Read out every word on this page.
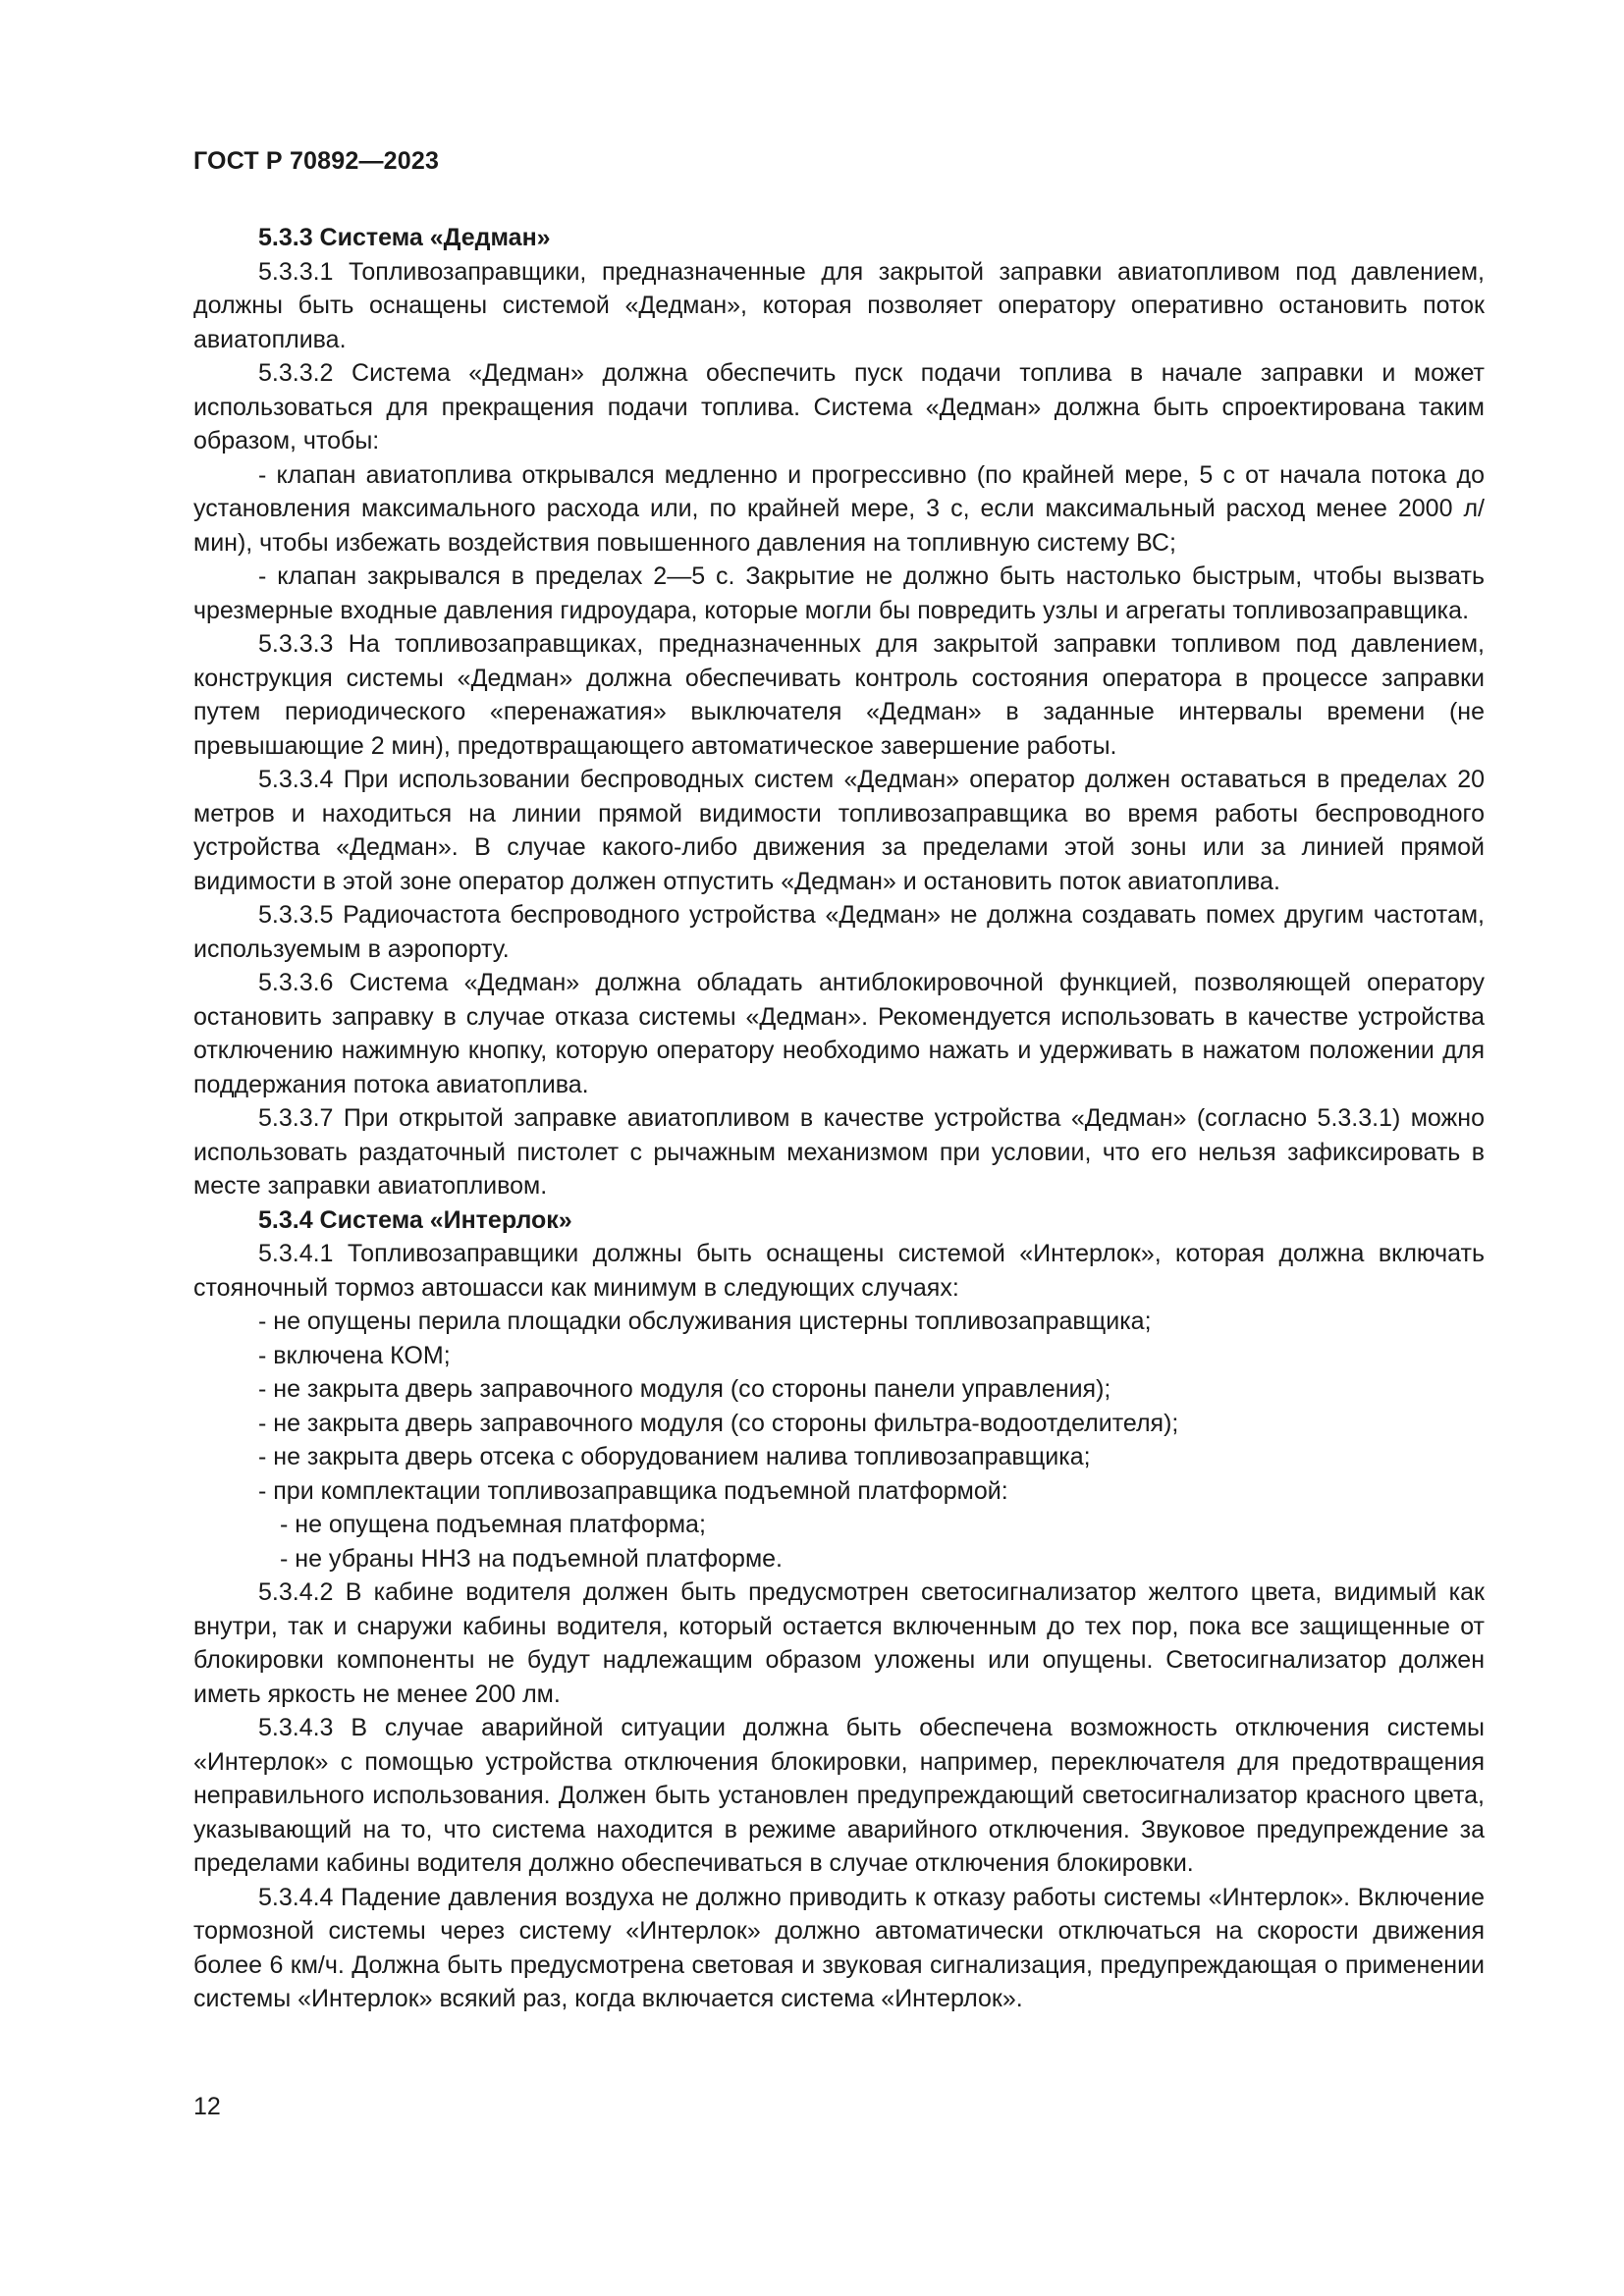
ГОСТ Р 70892—2023

5.3.3 Система «Дедман»

5.3.3.1 Топливозаправщики, предназначенные для закрытой заправки авиатопливом под давлением, должны быть оснащены системой «Дедман», которая позволяет оператору оперативно остановить поток авиатоплива.

5.3.3.2 Система «Дедман» должна обеспечить пуск подачи топлива в начале заправки и может использоваться для прекращения подачи топлива. Система «Дедман» должна быть спроектирована таким образом, чтобы:

- клапан авиатоплива открывался медленно и прогрессивно (по крайней мере, 5 с от начала потока до установления максимального расхода или, по крайней мере, 3 с, если максимальный расход менее 2000 л/мин), чтобы избежать воздействия повышенного давления на топливную систему ВС;

- клапан закрывался в пределах 2—5 с. Закрытие не должно быть настолько быстрым, чтобы вызвать чрезмерные входные давления гидроудара, которые могли бы повредить узлы и агрегаты топливозаправщика.

5.3.3.3 На топливозаправщиках, предназначенных для закрытой заправки топливом под давлением, конструкция системы «Дедман» должна обеспечивать контроль состояния оператора в процессе заправки путем периодического «перенажатия» выключателя «Дедман» в заданные интервалы времени (не превышающие 2 мин), предотвращающего автоматическое завершение работы.

5.3.3.4 При использовании беспроводных систем «Дедман» оператор должен оставаться в пределах 20 метров и находиться на линии прямой видимости топливозаправщика во время работы беспроводного устройства «Дедман». В случае какого-либо движения за пределами этой зоны или за линией прямой видимости в этой зоне оператор должен отпустить «Дедман» и остановить поток авиатоплива.

5.3.3.5 Радиочастота беспроводного устройства «Дедман» не должна создавать помех другим частотам, используемым в аэропорту.

5.3.3.6 Система «Дедман» должна обладать антиблокировочной функцией, позволяющей оператору остановить заправку в случае отказа системы «Дедман». Рекомендуется использовать в качестве устройства отключению нажимную кнопку, которую оператору необходимо нажать и удерживать в нажатом положении для поддержания потока авиатоплива.

5.3.3.7 При открытой заправке авиатопливом в качестве устройства «Дедман» (согласно 5.3.3.1) можно использовать раздаточный пистолет с рычажным механизмом при условии, что его нельзя зафиксировать в месте заправки авиатопливом.

5.3.4 Система «Интерлок»

5.3.4.1 Топливозаправщики должны быть оснащены системой «Интерлок», которая должна включать стояночный тормоз автошасси как минимум в следующих случаях:

- не опущены перила площадки обслуживания цистерны топливозаправщика;

- включена КОМ;

- не закрыта дверь заправочного модуля (со стороны панели управления);

- не закрыта дверь заправочного модуля (со стороны фильтра-водоотделителя);

- не закрыта дверь отсека с оборудованием налива топливозаправщика;

- при комплектации топливозаправщика подъемной платформой:

- не опущена подъемная платформа;

- не убраны ННЗ на подъемной платформе.

5.3.4.2 В кабине водителя должен быть предусмотрен светосигнализатор желтого цвета, видимый как внутри, так и снаружи кабины водителя, который остается включенным до тех пор, пока все защищенные от блокировки компоненты не будут надлежащим образом уложены или опущены. Светосигнализатор должен иметь яркость не менее 200 лм.

5.3.4.3 В случае аварийной ситуации должна быть обеспечена возможность отключения системы «Интерлок» с помощью устройства отключения блокировки, например, переключателя для предотвращения неправильного использования. Должен быть установлен предупреждающий светосигнализатор красного цвета, указывающий на то, что система находится в режиме аварийного отключения. Звуковое предупреждение за пределами кабины водителя должно обеспечиваться в случае отключения блокировки.

5.3.4.4 Падение давления воздуха не должно приводить к отказу работы системы «Интерлок». Включение тормозной системы через систему «Интерлок» должно автоматически отключаться на скорости движения более 6 км/ч. Должна быть предусмотрена световая и звуковая сигнализация, предупреждающая о применении системы «Интерлок» всякий раз, когда включается система «Интерлок».

12
